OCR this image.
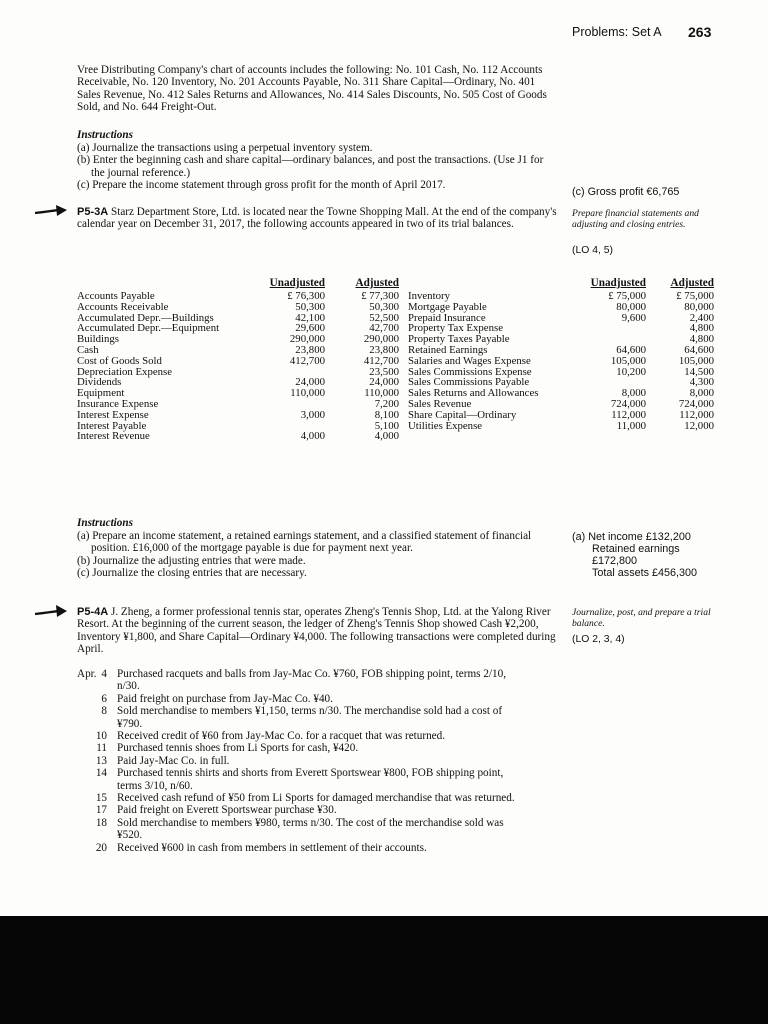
Problems: Set A 263

Vree Distributing Company's chart of accounts includes the following: No. 101 Cash, No. 112 Accounts Receivable, No. 120 Inventory, No. 201 Accounts Payable, No. 311 Share Capital—Ordinary, No. 401 Sales Revenue, No. 412 Sales Returns and Allowances, No. 414 Sales Discounts, No. 505 Cost of Goods Sold, and No. 644 Freight-Out.

Instructions
(a) Journalize the transactions using a perpetual inventory system.
(b) Enter the beginning cash and share capital—ordinary balances, and post the transactions. (Use J1 for the journal reference.)
(c) Prepare the income statement through gross profit for the month of April 2017.
(c) Gross profit €6,765

P5-3A Starz Department Store, Ltd. is located near the Towne Shopping Mall. At the end of the company's calendar year on December 31, 2017, the following accounts appeared in two of its trial balances.

Prepare financial statements and adjusting and closing entries.
(LO 4, 5)
	Unadjusted	Adjusted
Accounts Payable	£ 76,300	£ 77,300
Accounts Receivable	50,300	50,300
Accumulated Depr.—Buildings	42,100	52,500
Accumulated Depr.—Equipment	29,600	42,700
Buildings	290,000	290,000
Cash	23,800	23,800
Cost of Goods Sold	412,700	412,700
Depreciation Expense		23,500
Dividends	24,000	24,000
Equipment	110,000	110,000
Insurance Expense		7,200
Interest Expense	3,000	8,100
Interest Payable		5,100
Interest Revenue	4,000	4,000
	Unadjusted	Adjusted
Inventory	£ 75,000	£ 75,000
Mortgage Payable	80,000	80,000
Prepaid Insurance	9,600	2,400
Property Tax Expense		4,800
Property Taxes Payable		4,800
Retained Earnings	64,600	64,600
Salaries and Wages Expense	105,000	105,000
Sales Commissions Expense	10,200	14,500
Sales Commissions Payable		4,300
Sales Returns and Allowances	8,000	8,000
Sales Revenue	724,000	724,000
Share Capital—Ordinary	112,000	112,000
Utilities Expense	11,000	12,000
Instructions
(a) Prepare an income statement, a retained earnings statement, and a classified statement of financial position. £16,000 of the mortgage payable is due for payment next year.
(b) Journalize the adjusting entries that were made.
(c) Journalize the closing entries that are necessary.
(a) Net income £132,200
Retained earnings
£172,800
Total assets £456,300

P5-4A J. Zheng, a former professional tennis star, operates Zheng's Tennis Shop, Ltd. at the Yalong River Resort. At the beginning of the current season, the ledger of Zheng's Tennis Shop showed Cash ¥2,200, Inventory ¥1,800, and Share Capital—Ordinary ¥4,000. The following transactions were completed during April.

Journalize, post, and prepare a trial balance.
(LO 2, 3, 4)
Apr. 4 Purchased racquets and balls from Jay-Mac Co. ¥760, FOB shipping point, terms 2/10, n/30.
6 Paid freight on purchase from Jay-Mac Co. ¥40.
8 Sold merchandise to members ¥1,150, terms n/30. The merchandise sold had a cost of ¥790.
10 Received credit of ¥60 from Jay-Mac Co. for a racquet that was returned.
11 Purchased tennis shoes from Li Sports for cash, ¥420.
13 Paid Jay-Mac Co. in full.
14 Purchased tennis shirts and shorts from Everett Sportswear ¥800, FOB shipping point, terms 3/10, n/60.
15 Received cash refund of ¥50 from Li Sports for damaged merchandise that was returned.
17 Paid freight on Everett Sportswear purchase ¥30.
18 Sold merchandise to members ¥980, terms n/30. The cost of the merchandise sold was ¥520.
20 Received ¥600 in cash from members in settlement of their accounts.
